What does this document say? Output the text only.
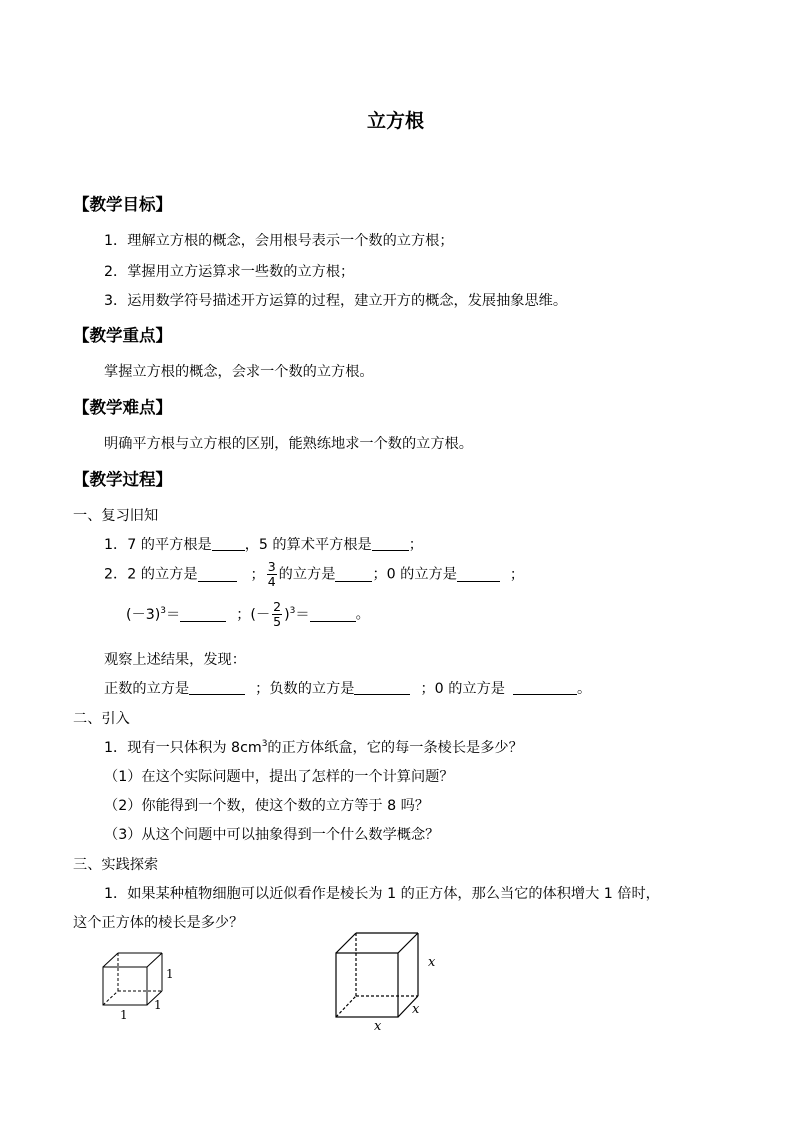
立方根
【教学目标】
1．理解立方根的概念，会用根号表示一个数的立方根；
2．掌握用立方运算求一些数的立方根；
3．运用数学符号描述开方运算的过程，建立开方的概念，发展抽象思维。
【教学重点】
掌握立方根的概念，会求一个数的立方根。
【教学难点】
明确平方根与立方根的区别，能熟练地求一个数的立方根。
【教学过程】
一、复习旧知
1．7 的平方根是 ，5 的算术平方根是	；
2．2 的立方是	； $\frac{3}{4}$ 的立方是	；0 的立方是	；
$(-3)^3=$	；(－ $\frac{2}{5} )^3=$	。
观察上述结果，发现：
正数的立方是	；负数的立方是	；0 的立方是	。
二、引入
1．现有一只体积为 $8cm^3$的正方体纸盒，它的每一条棱长是多少？
（1）在这个实际问题中，提出了怎样的一个计算问题？
（2）你能得到一个数，使这个数的立方等于 8 吗？
（3）从这个问题中可以抽象得到一个什么数学概念？
三、实践探索
1．如果某种植物细胞可以近似看作是棱长为 1 的正方体，那么当它的体积增大 1 倍时，
这个正方体的棱长是多少？
1
1
1
x
x
x
